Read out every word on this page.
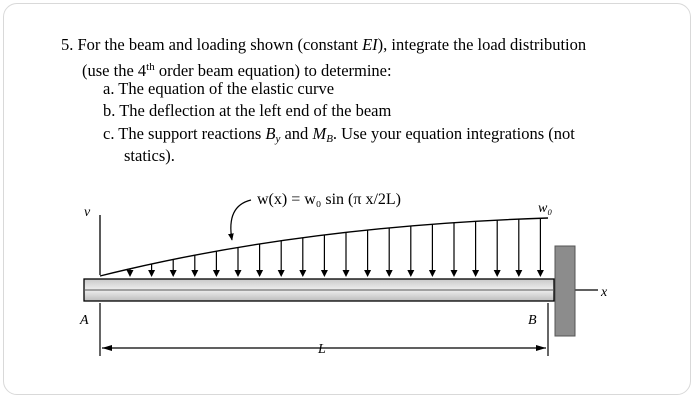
5. For the beam and loading shown (constant EI), integrate the load distribution
(use the 4th order beam equation) to determine:
a. The equation of the elastic curve
b. The deflection at the left end of the beam
c. The support reactions $B_y$ and $M_B$. Use your equation integrations (not
statics).
v
w(x) = w₀ sin (π x/2L)
w₀
x
A	B
L
